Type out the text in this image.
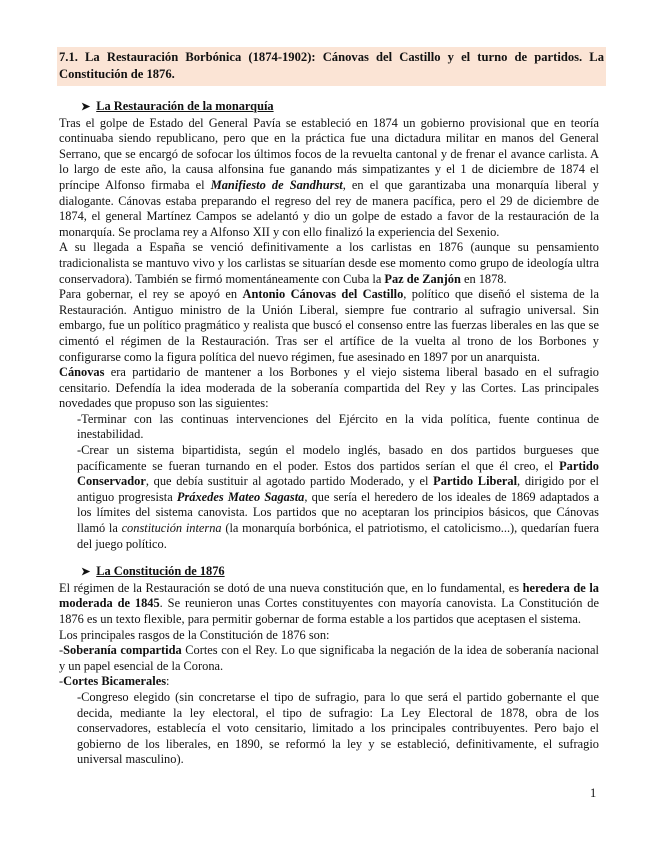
7.1. La Restauración Borbónica (1874-1902): Cánovas del Castillo y el turno de partidos. La Constitución de 1876.
➤ La Restauración de la monarquía

Tras el golpe de Estado del General Pavía se estableció en 1874 un gobierno provisional que en teoría continuaba siendo republicano, pero que en la práctica fue una dictadura militar en manos del General Serrano, que se encargó de sofocar los últimos focos de la revuelta cantonal y de frenar el avance carlista. A lo largo de este año, la causa alfonsina fue ganando más simpatizantes y el 1 de diciembre de 1874 el príncipe Alfonso firmaba el Manifiesto de Sandhurst, en el que garantizaba una monarquía liberal y dialogante. Cánovas estaba preparando el regreso del rey de manera pacífica, pero el 29 de diciembre de 1874, el general Martínez Campos se adelantó y dio un golpe de estado a favor de la restauración de la monarquía. Se proclama rey a Alfonso XII y con ello finalizó la experiencia del Sexenio.

A su llegada a España se venció definitivamente a los carlistas en 1876 (aunque su pensamiento tradicionalista se mantuvo vivo y los carlistas se situarían desde ese momento como grupo de ideología ultra conservadora). También se firmó momentáneamente con Cuba la Paz de Zanjón en 1878.

Para gobernar, el rey se apoyó en Antonio Cánovas del Castillo, político que diseñó el sistema de la Restauración. Antiguo ministro de la Unión Liberal, siempre fue contrario al sufragio universal. Sin embargo, fue un político pragmático y realista que buscó el consenso entre las fuerzas liberales en las que se cimentó el régimen de la Restauración. Tras ser el artífice de la vuelta al trono de los Borbones y configurarse como la figura política del nuevo régimen, fue asesinado en 1897 por un anarquista.

Cánovas era partidario de mantener a los Borbones y el viejo sistema liberal basado en el sufragio censitario. Defendía la idea moderada de la soberanía compartida del Rey y las Cortes. Las principales novedades que propuso son las siguientes:

-Terminar con las continuas intervenciones del Ejército en la vida política, fuente continua de inestabilidad.
-Crear un sistema bipartidista, según el modelo inglés, basado en dos partidos burgueses que pacíficamente se fueran turnando en el poder. Estos dos partidos serían el que él creo, el Partido Conservador, que debía sustituir al agotado partido Moderado, y el Partido Liberal, dirigido por el antiguo progresista Práxedes Mateo Sagasta, que sería el heredero de los ideales de 1869 adaptados a los límites del sistema canovista. Los partidos que no aceptaran los principios básicos, que Cánovas llamó la constitución interna (la monarquía borbónica, el patriotismo, el catolicismo...), quedarían fuera del juego político.
➤ La Constitución de 1876

El régimen de la Restauración se dotó de una nueva constitución que, en lo fundamental, es heredera de la moderada de 1845. Se reunieron unas Cortes constituyentes con mayoría canovista. La Constitución de 1876 es un texto flexible, para permitir gobernar de forma estable a los partidos que aceptasen el sistema.

Los principales rasgos de la Constitución de 1876 son:

-Soberanía compartida Cortes con el Rey. Lo que significaba la negación de la idea de soberanía nacional y un papel esencial de la Corona.

-Cortes Bicamerales:

-Congreso elegido (sin concretarse el tipo de sufragio, para lo que será el partido gobernante el que decida, mediante la ley electoral, el tipo de sufragio: La Ley Electoral de 1878, obra de los conservadores, establecía el voto censitario, limitado a los principales contribuyentes. Pero bajo el gobierno de los liberales, en 1890, se reformó la ley y se estableció, definitivamente, el sufragio universal masculino).
1
